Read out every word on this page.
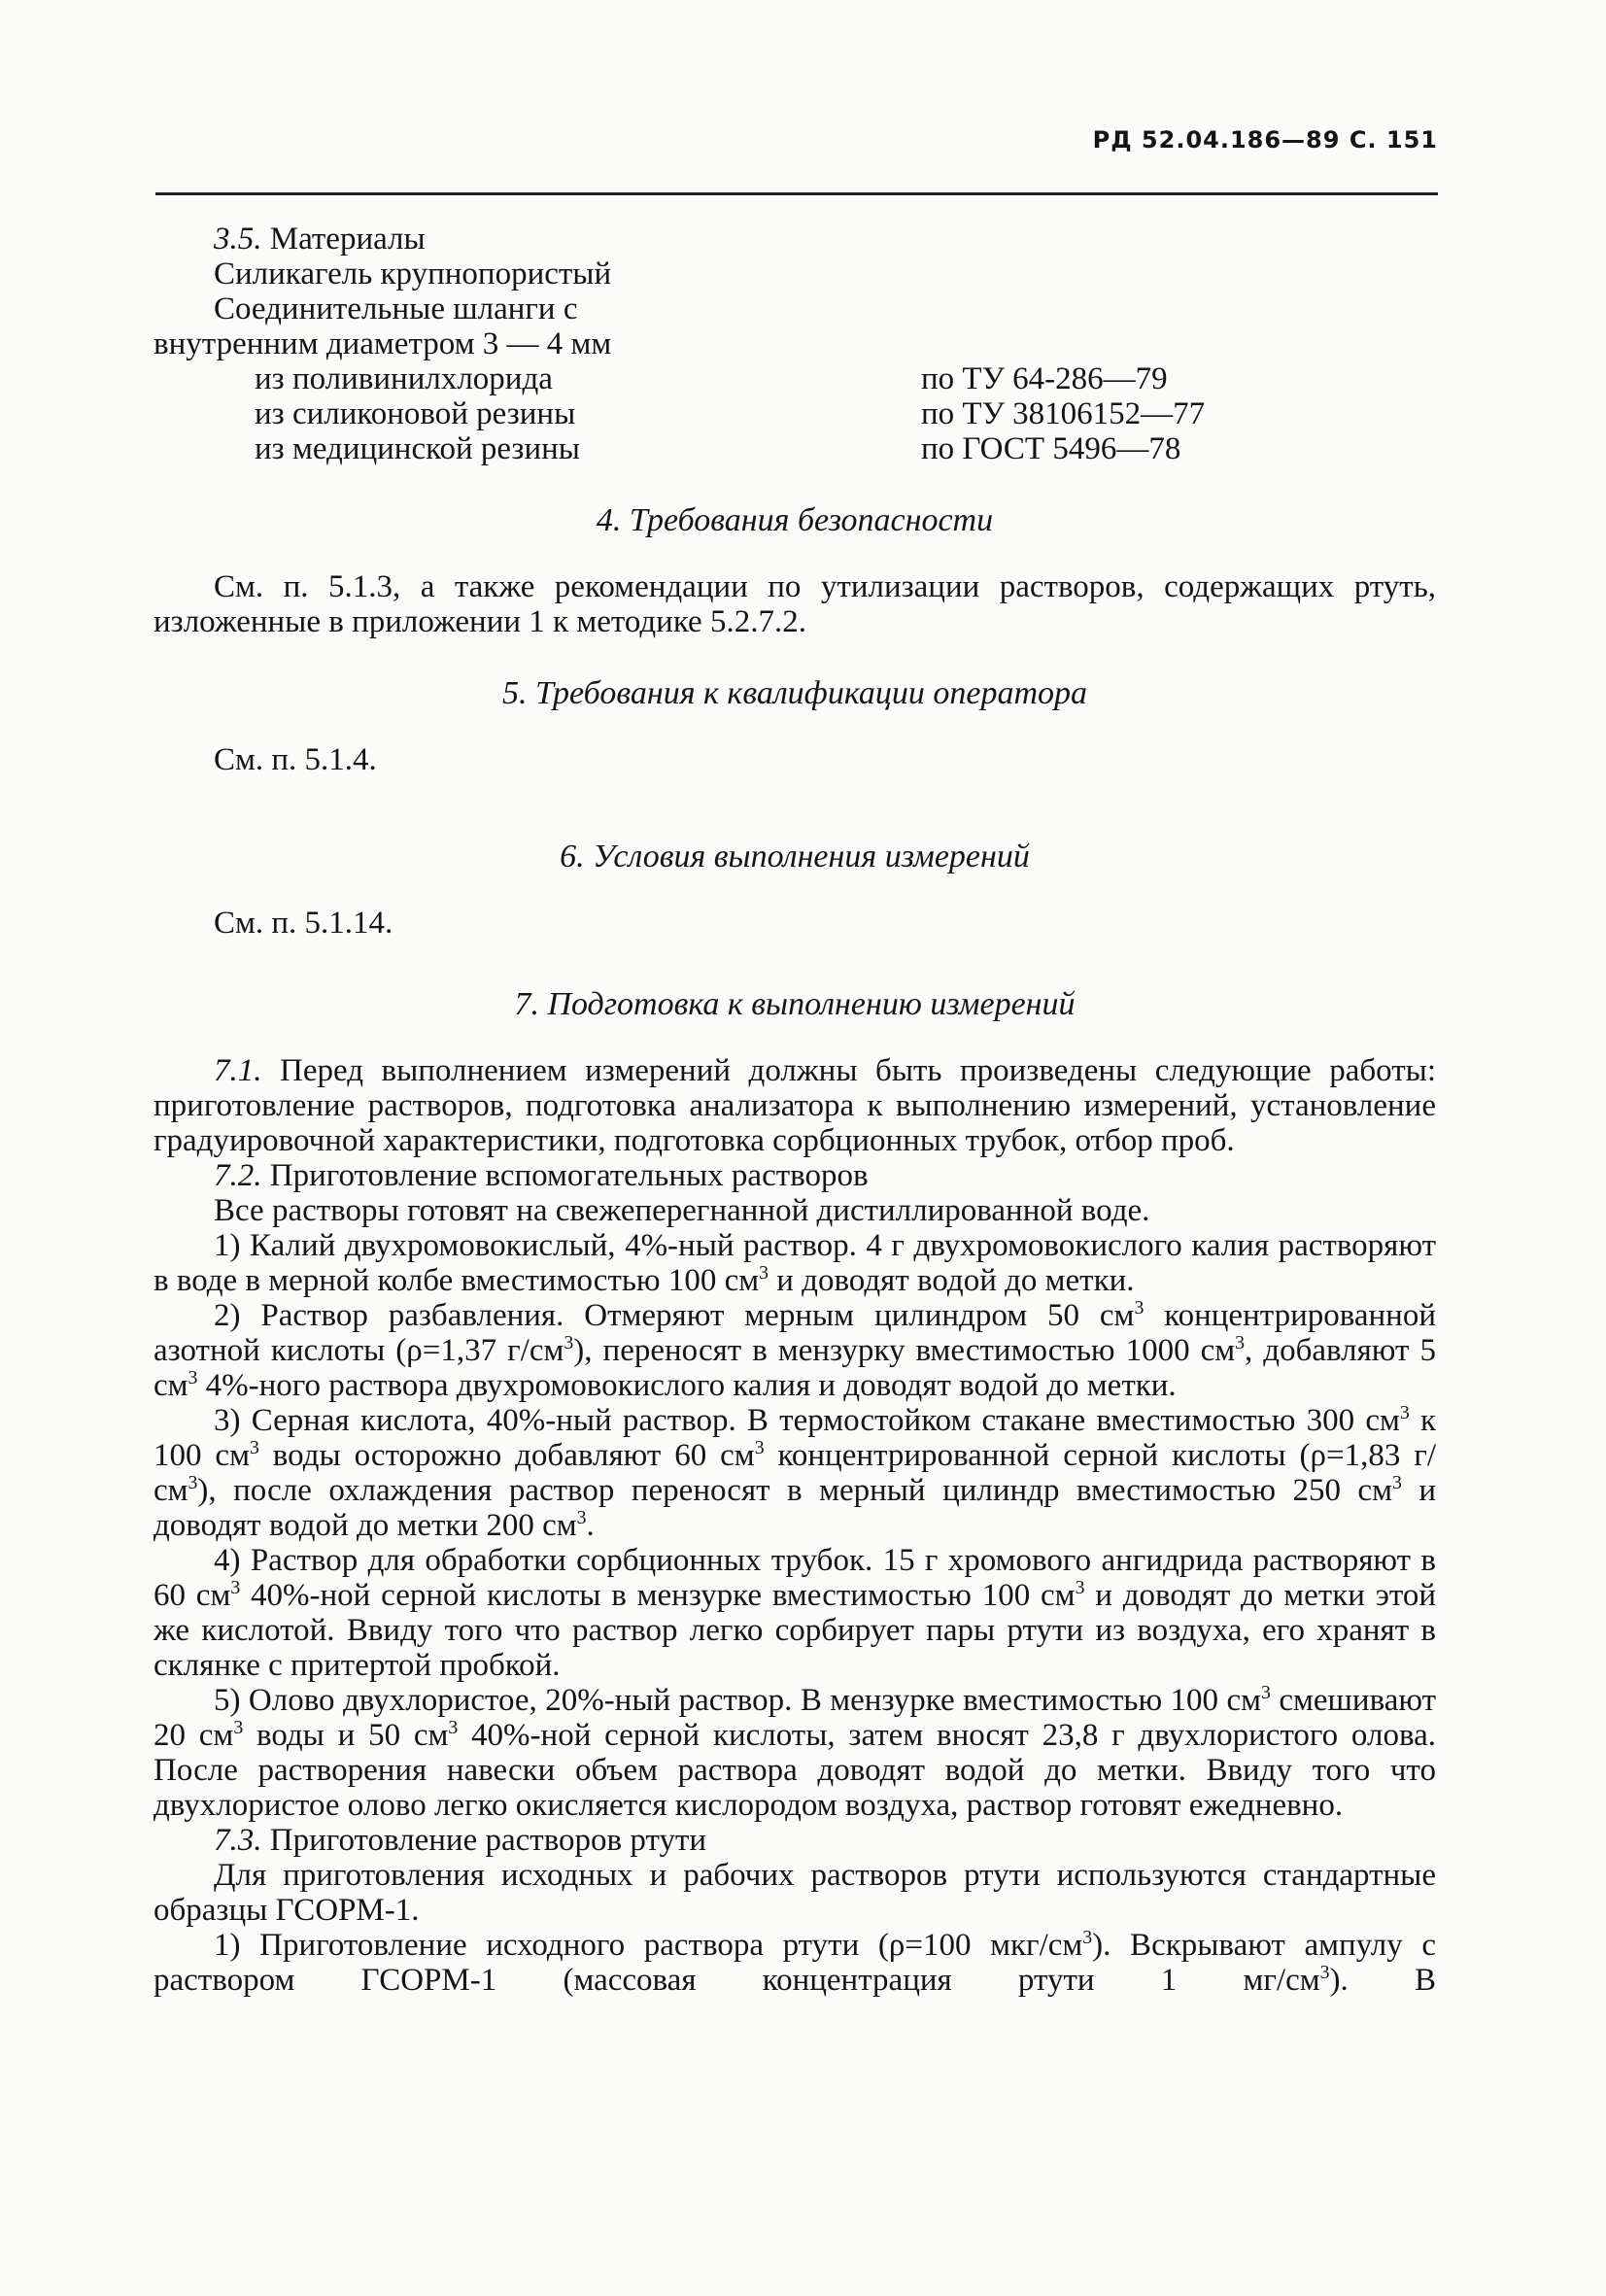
РД 52.04.186—89 С. 151

3.5. Материалы

Силикагель крупнопористый

Соединительные шланги с

внутренним диаметром 3 — 4 мм

из поливинилхлорида	по ТУ 64-286—79
из силиконовой резины	по ТУ 38106152—77
из медицинской резины	по ГОСТ 5496—78
4. Требования безопасности

См. п. 5.1.3, а также рекомендации по утилизации растворов, содержащих ртуть, изложенные в приложении 1 к методике 5.2.7.2.

5. Требования к квалификации оператора

См. п. 5.1.4.

6. Условия выполнения измерений

См. п. 5.1.14.

7. Подготовка к выполнению измерений

7.1. Перед выполнением измерений должны быть произведены следующие работы: приготовление растворов, подготовка анализатора к выполнению измерений, установление градуировочной характеристики, подготовка сорбционных трубок, отбор проб.

7.2. Приготовление вспомогательных растворов

Все растворы готовят на свежеперегнанной дистиллированной воде.

1) Калий двухромовокислый, 4%-ный раствор. 4 г двухромовокислого калия растворяют в воде в мерной колбе вместимостью 100 $см^3$ и доводят водой до метки.

2) Раствор разбавления. Отмеряют мерным цилиндром 50 $см^3$ концентрированной азотной кислоты (ρ=1,37 $г/см^3$), переносят в мензурку вместимостью 1000 $см^3$, добавляют 5 $см^3$ 4%-ного раствора двухромовокислого калия и доводят водой до метки.

3) Серная кислота, 40%-ный раствор. В термостойком стакане вместимостью 300 $см^3$ к 100 $см^3$ воды осторожно добавляют 60 $см^3$ концентрированной серной кислоты (ρ=1,83 $г/см^3$), после охлаждения раствор переносят в мерный цилиндр вместимостью 250 $см^3$ и доводят водой до метки 200 $см^3$.

4) Раствор для обработки сорбционных трубок. 15 г хромового ангидрида растворяют в 60 $см^3$ 40%-ной серной кислоты в мензурке вместимостью 100 $см^3$ и доводят до метки этой же кислотой. Ввиду того что раствор легко сорбирует пары ртути из воздуха, его хранят в склянке с притертой пробкой.

5) Олово двухлористое, 20%-ный раствор. В мензурке вместимостью 100 $см^3$ смешивают 20 $см^3$ воды и 50 $см^3$ 40%-ной серной кислоты, затем вносят 23,8 г двухлористого олова. После растворения навески объем раствора доводят водой до метки. Ввиду того что двухлористое олово легко окисляется кислородом воздуха, раствор готовят ежедневно.

7.3. Приготовление растворов ртути

Для приготовления исходных и рабочих растворов ртути используются стандартные образцы ГСОРМ-1.

1) Приготовление исходного раствора ртути (ρ=100 мкг/$см^3$). Вскрывают ампулу с раствором ГСОРМ-1 (массовая концентрация ртути 1 $мг/см^3$). В
